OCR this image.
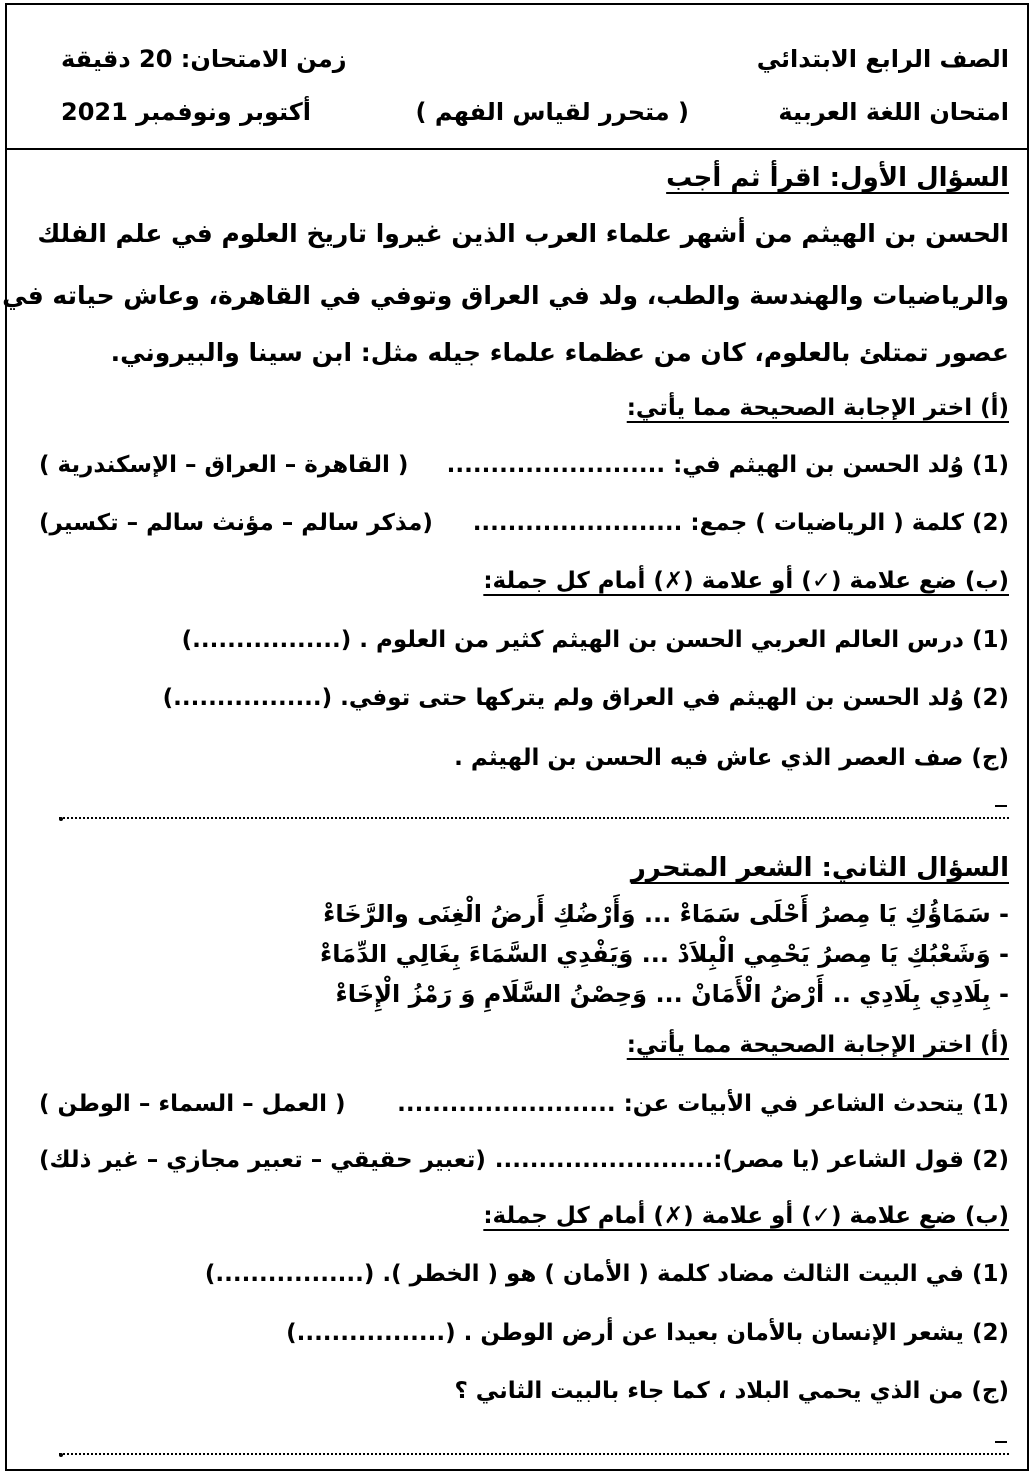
الصف الرابع الابتدائي
زمن الامتحان: 20 دقيقة
امتحان اللغة العربية
( متحرر لقياس الفهم )
أكتوبر ونوفمبر 2021
السؤال الأول: اقرأ ثم أجب
الحسن بن الهيثم من أشهر علماء العرب الذين غيروا تاريخ العلوم في علم الفلك
والرياضيات والهندسة والطب، ولد في العراق وتوفي في القاهرة، وعاش حياته في
عصور تمتلئ بالعلوم، كان من عظماء علماء جيله مثل: ابن سينا والبيروني.
(أ) اختر الإجابة الصحيحة مما يأتي:
(1) وُلد الحسن بن الهيثم في: .........................
( القاهرة – العراق – الإسكندرية )
(2) كلمة ( الرياضيات ) جمع: ........................
(مذكر سالم – مؤنث سالم – تكسير)
(ب) ضع علامة (✓) أو علامة (✗) أمام كل جملة:
(1) درس العالم العربي الحسن بن الهيثم كثير من العلوم . (.................)
(2) وُلد الحسن بن الهيثم في العراق ولم يتركها حتى توفي. (.................)
(ج) صف العصر الذي عاش فيه الحسن بن الهيثم .
السؤال الثاني: الشعر المتحرر
- سَمَاؤُكِ يَا مِصرُ أَحْلَى سَمَاءْ ... وَأَرْضُكِ أَرضُ الْغِنَى والرَّخَاءْ
- وَشَعْبُكِ يَا مِصرُ يَحْمِي الْبِلاَدْ ... وَيَفْدِي السَّمَاءَ بِغَالِي الدِّمَاءْ
- بِلَادِي بِلَادِي .. أَرْضُ الْأَمَانْ ... وَحِصْنُ السَّلَامِ وَ رَمْزُ الْإِخَاءْ
(أ) اختر الإجابة الصحيحة مما يأتي:
(1) يتحدث الشاعر في الأبيات عن: .........................
( العمل – السماء – الوطن )
(2) قول الشاعر (يا مصر):.........................
(تعبير حقيقي – تعبير مجازي – غير ذلك)
(ب) ضع علامة (✓) أو علامة (✗) أمام كل جملة:
(1) في البيت الثالث مضاد كلمة ( الأمان ) هو ( الخطر ). (.................)
(2) يشعر الإنسان بالأمان بعيدا عن أرض الوطن . (.................)
(ج) من الذي يحمي البلاد ، كما جاء بالبيت الثاني ؟
